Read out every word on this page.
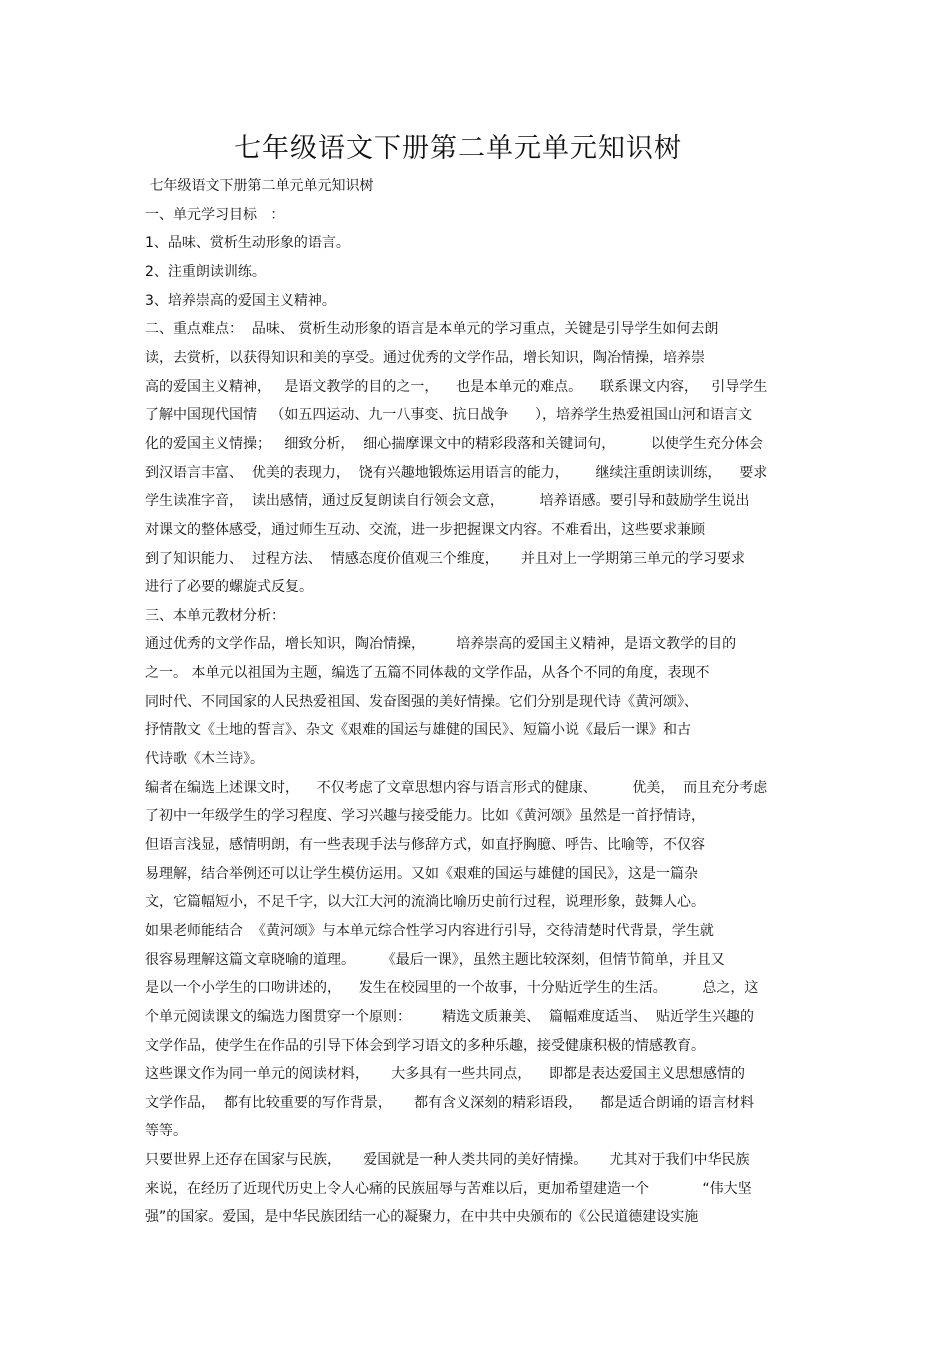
七年级语文下册第二单元单元知识树
七年级语文下册第二单元单元知识树
一、单元学习目标   ：
1、品味、赏析生动形象的语言。
2、注重朗读训练。
3、培养崇高的爱国主义精神。
二、重点难点：  品味、 赏析生动形象的语言是本单元的学习重点，关键是引导学生如何去朗
读，去赏析，以获得知识和美的享受。通过优秀的文学作品，增长知识，陶冶情操，培养崇
高的爱国主义精神，   是语文教学的目的之一，    也是本单元的难点。    联系课文内容，   引导学生
了解中国现代国情   （如五四运动、九一八事变、抗日战争      ），培养学生热爱祖国山河和语言文
化的爱国主义情操；   细致分析，  细心揣摩课文中的精彩段落和关键词句，        以使学生充分体会
到汉语言丰富、  优美的表现力，  饶有兴趣地锻炼运用语言的能力，      继续注重朗读训练，    要求
学生读准字音，  读出感情，通过反复朗读自行领会文意，        培养语感。要引导和鼓励学生说出
对课文的整体感受，通过师生互动、交流，进一步把握课文内容。不难看出，这些要求兼顾
到了知识能力、  过程方法、  情感态度价值观三个维度，     并且对上一学期第三单元的学习要求
进行了必要的螺旋式反复。
三、本单元教材分析：
通过优秀的文学作品，增长知识，陶冶情操，       培养崇高的爱国主义精神，是语文教学的目的
之一。 本单元以祖国为主题，编选了五篇不同体裁的文学作品，从各个不同的角度，表现不
同时代、不同国家的人民热爱祖国、发奋图强的美好情操。它们分别是现代诗《黄河颂》、
抒情散文《土地的誓言》、杂文《艰难的国运与雄健的国民》、短篇小说《最后一课》和古
代诗歌《木兰诗》。
编者在编选上述课文时，    不仅考虑了文章思想内容与语言形式的健康、        优美，  而且充分考虑
了初中一年级学生的学习程度、学习兴趣与接受能力。比如《黄河颂》虽然是一首抒情诗，
但语言浅显，感情明朗，有一些表现手法与修辞方式，如直抒胸臆、呼告、比喻等，不仅容
易理解，结合举例还可以让学生模仿运用。又如《艰难的国运与雄健的国民》，这是一篇杂
文，它篇幅短小，不足千字，以大江大河的流淌比喻历史前行过程，说理形象，鼓舞人心。
如果老师能结合  《黄河颂》与本单元综合性学习内容进行引导，交待清楚时代背景，学生就
很容易理解这篇文章晓喻的道理。      《最后一课》，虽然主题比较深刻，但情节简单，并且又
是以一个小学生的口吻讲述的，    发生在校园里的一个故事，十分贴近学生的生活。        总之，这
个单元阅读课文的编选力图贯穿一个原则：       精选文质兼美、  篇幅难度适当、  贴近学生兴趣的
文学作品，使学生在作品的引导下体会到学习语文的多种乐趣，接受健康积极的情感教育。
这些课文作为同一单元的阅读材料，     大多具有一些共同点，    即都是表达爱国主义思想感情的
文学作品，  都有比较重要的写作背景，     都有含义深刻的精彩语段，    都是适合朗诵的语言材料
等等。
只要世界上还存在国家与民族，     爱国就是一种人类共同的美好情操。     尤其对于我们中华民族
来说，在经历了近现代历史上令人心痛的民族屈辱与苦难以后，更加希望建造一个            “伟大坚
强”的国家。爱国，是中华民族团结一心的凝聚力，在中共中央颁布的《公民道德建设实施
